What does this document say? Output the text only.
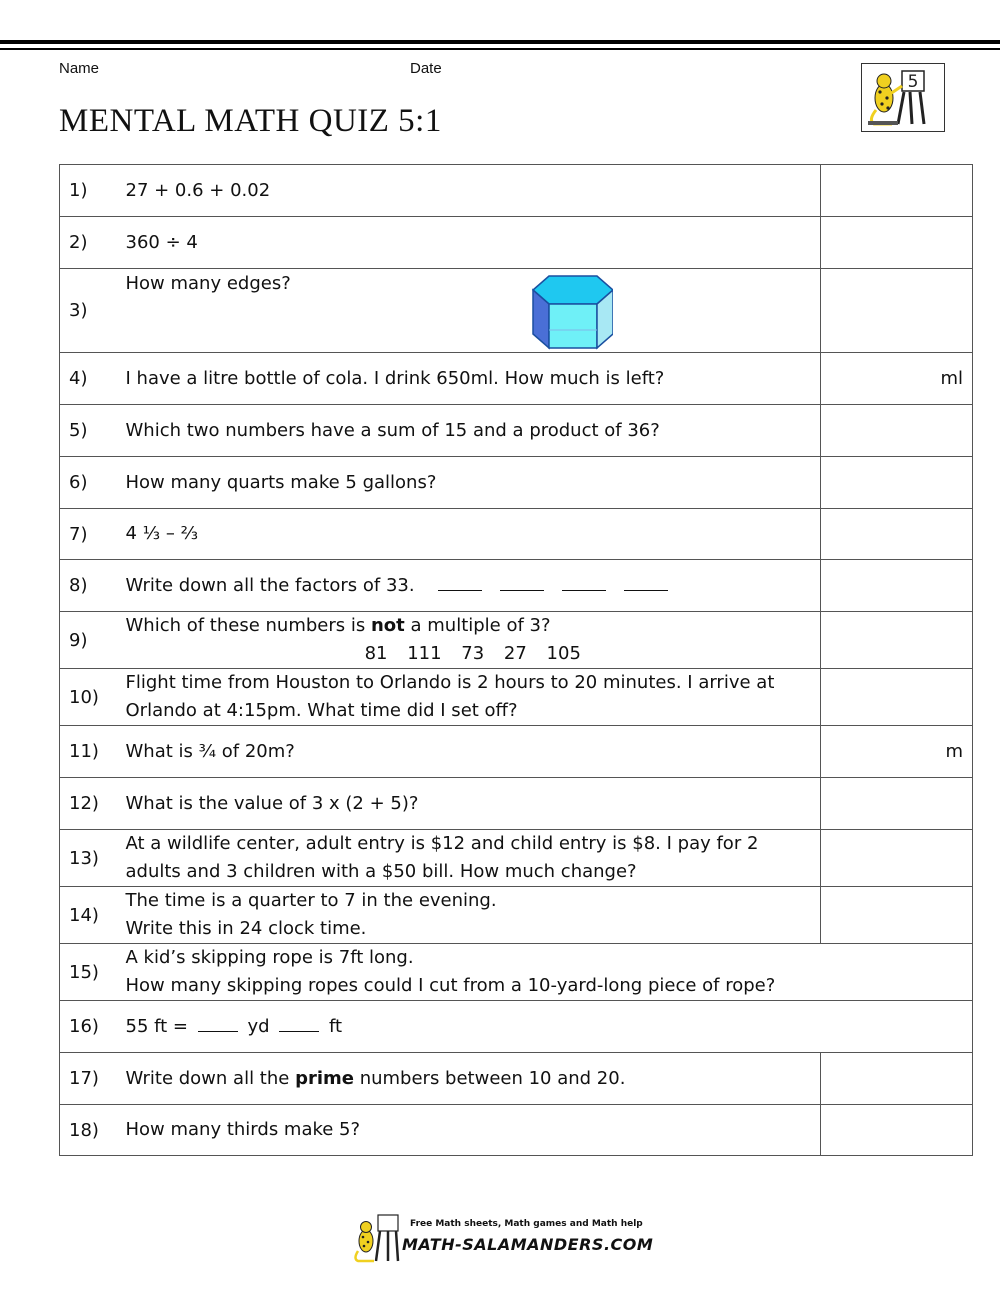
Name	Date
MENTAL MATH QUIZ 5:1
5
1)	27 + 0.6 + 0.02	
2)	360 ÷ 4	
3)	How many edges?	

4)	I have a litre bottle of cola. I drink 650ml. How much is left?	ml
5)	Which two numbers have a sum of 15 and a product of 36?	
6)	How many quarts make 5 gallons?	
7)	4 ⅓ – ⅔	
8)	Write down all the factors of 33.	
9)	Which of these numbers is not a multiple of 3?
81 111 73 27 105	

10)	Flight time from Houston to Orlando is 2 hours to 20 minutes. I arrive at
Orlando at 4:15pm. What time did I set off?	

11)	What is ¾ of 20m?	m
12)	What is the value of 3 x (2 + 5)?	
13)	At a wildlife center, adult entry is $12 and child entry is $8. I pay for 2
adults and 3 children with a $50 bill. How much change?	

14)	The time is a quarter to 7 in the evening.
Write this in 24 clock time.	

15)	A kid’s skipping rope is 7ft long.
How many skipping ropes could I cut from a 10-yard-long piece of rope?	

16)	55 ft = yd ft	
17)	Write down all the prime numbers between 10 and 20.	
18)	How many thirds make 5?	
Free Math sheets, Math games and Math help
MATH-SALAMANDERS.COM
